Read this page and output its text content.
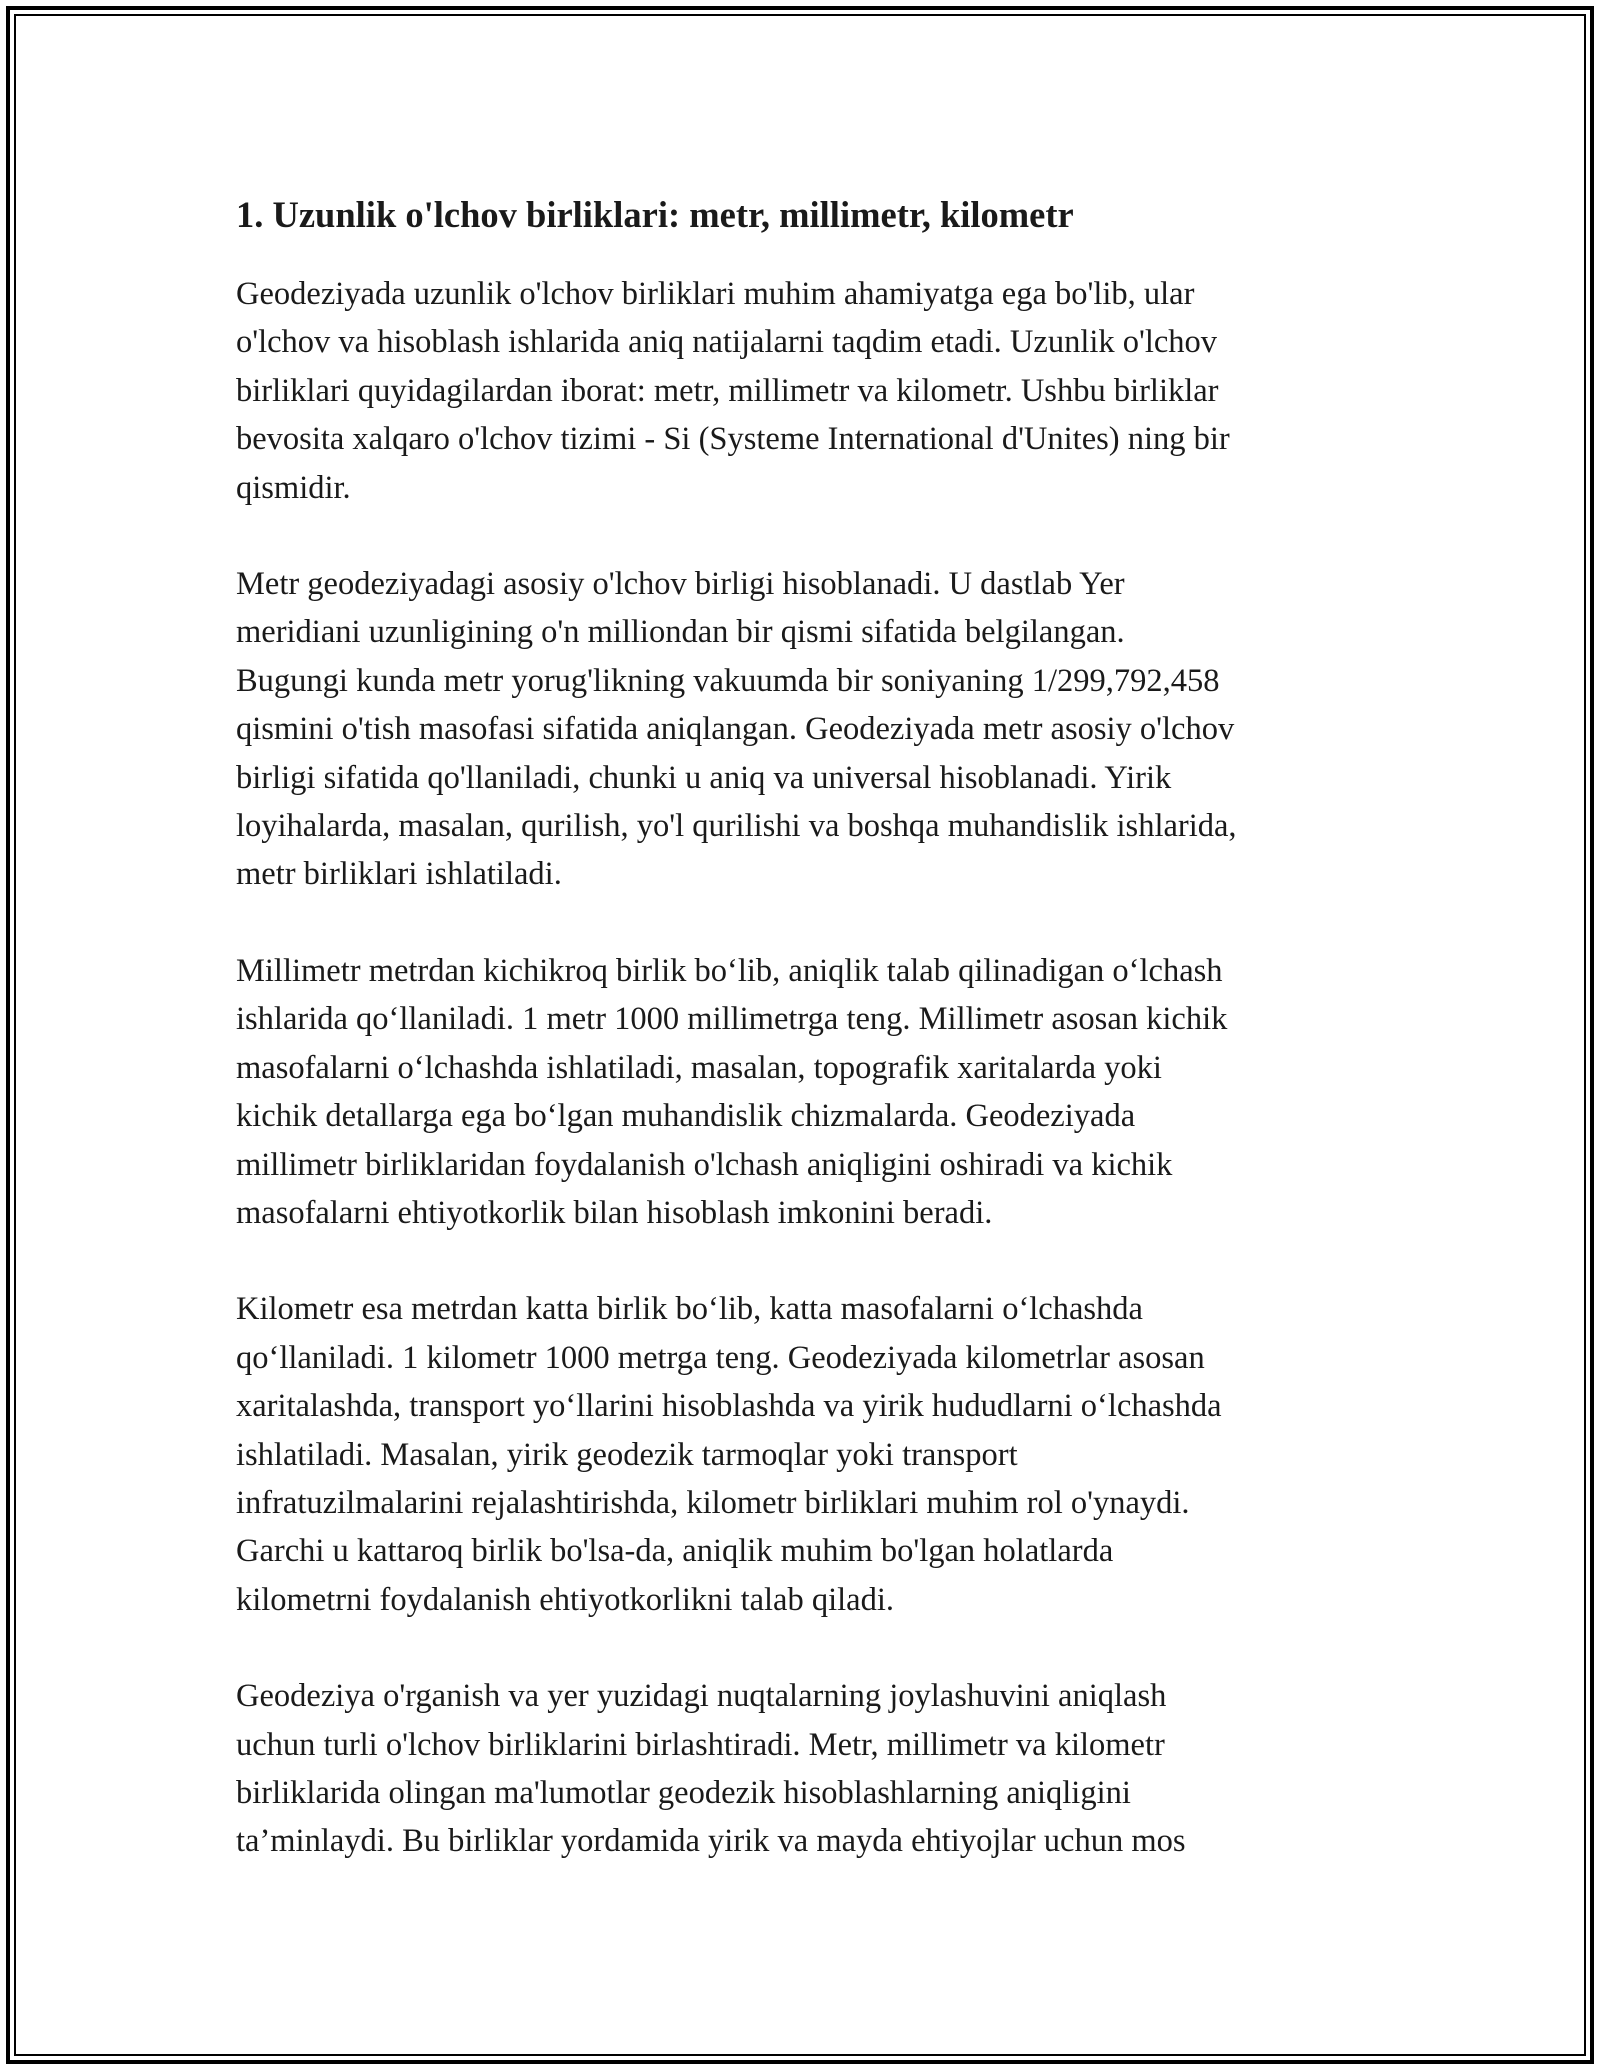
1. Uzunlik o'lchov birliklari: metr, millimetr, kilometr

Geodeziyada uzunlik o'lchov birliklari muhim ahamiyatga ega bo'lib, ular
o'lchov va hisoblash ishlarida aniq natijalarni taqdim etadi. Uzunlik o'lchov
birliklari quyidagilardan iborat: metr, millimetr va kilometr. Ushbu birliklar
bevosita xalqaro o'lchov tizimi - Si (Systeme International d'Unites) ning bir
qismidir.

Metr geodeziyadagi asosiy o'lchov birligi hisoblanadi. U dastlab Yer
meridiani uzunligining o'n milliondan bir qismi sifatida belgilangan.
Bugungi kunda metr yorug'likning vakuumda bir soniyaning 1/299,792,458
qismini o'tish masofasi sifatida aniqlangan. Geodeziyada metr asosiy o'lchov
birligi sifatida qo'llaniladi, chunki u aniq va universal hisoblanadi. Yirik
loyihalarda, masalan, qurilish, yo'l qurilishi va boshqa muhandislik ishlarida,
metr birliklari ishlatiladi.

Millimetr metrdan kichikroq birlik bo‘lib, aniqlik talab qilinadigan o‘lchash
ishlarida qo‘llaniladi. 1 metr 1000 millimetrga teng. Millimetr asosan kichik
masofalarni o‘lchashda ishlatiladi, masalan, topografik xaritalarda yoki
kichik detallarga ega bo‘lgan muhandislik chizmalarda. Geodeziyada
millimetr birliklaridan foydalanish o'lchash aniqligini oshiradi va kichik
masofalarni ehtiyotkorlik bilan hisoblash imkonini beradi.

Kilometr esa metrdan katta birlik bo‘lib, katta masofalarni o‘lchashda
qo‘llaniladi. 1 kilometr 1000 metrga teng. Geodeziyada kilometrlar asosan
xaritalashda, transport yo‘llarini hisoblashda va yirik hududlarni o‘lchashda
ishlatiladi. Masalan, yirik geodezik tarmoqlar yoki transport
infratuzilmalarini rejalashtirishda, kilometr birliklari muhim rol o'ynaydi.
Garchi u kattaroq birlik bo'lsa-da, aniqlik muhim bo'lgan holatlarda
kilometrni foydalanish ehtiyotkorlikni talab qiladi.

Geodeziya o'rganish va yer yuzidagi nuqtalarning joylashuvini aniqlash
uchun turli o'lchov birliklarini birlashtiradi. Metr, millimetr va kilometr
birliklarida olingan ma'lumotlar geodezik hisoblashlarning aniqligini
ta’minlaydi. Bu birliklar yordamida yirik va mayda ehtiyojlar uchun mos
